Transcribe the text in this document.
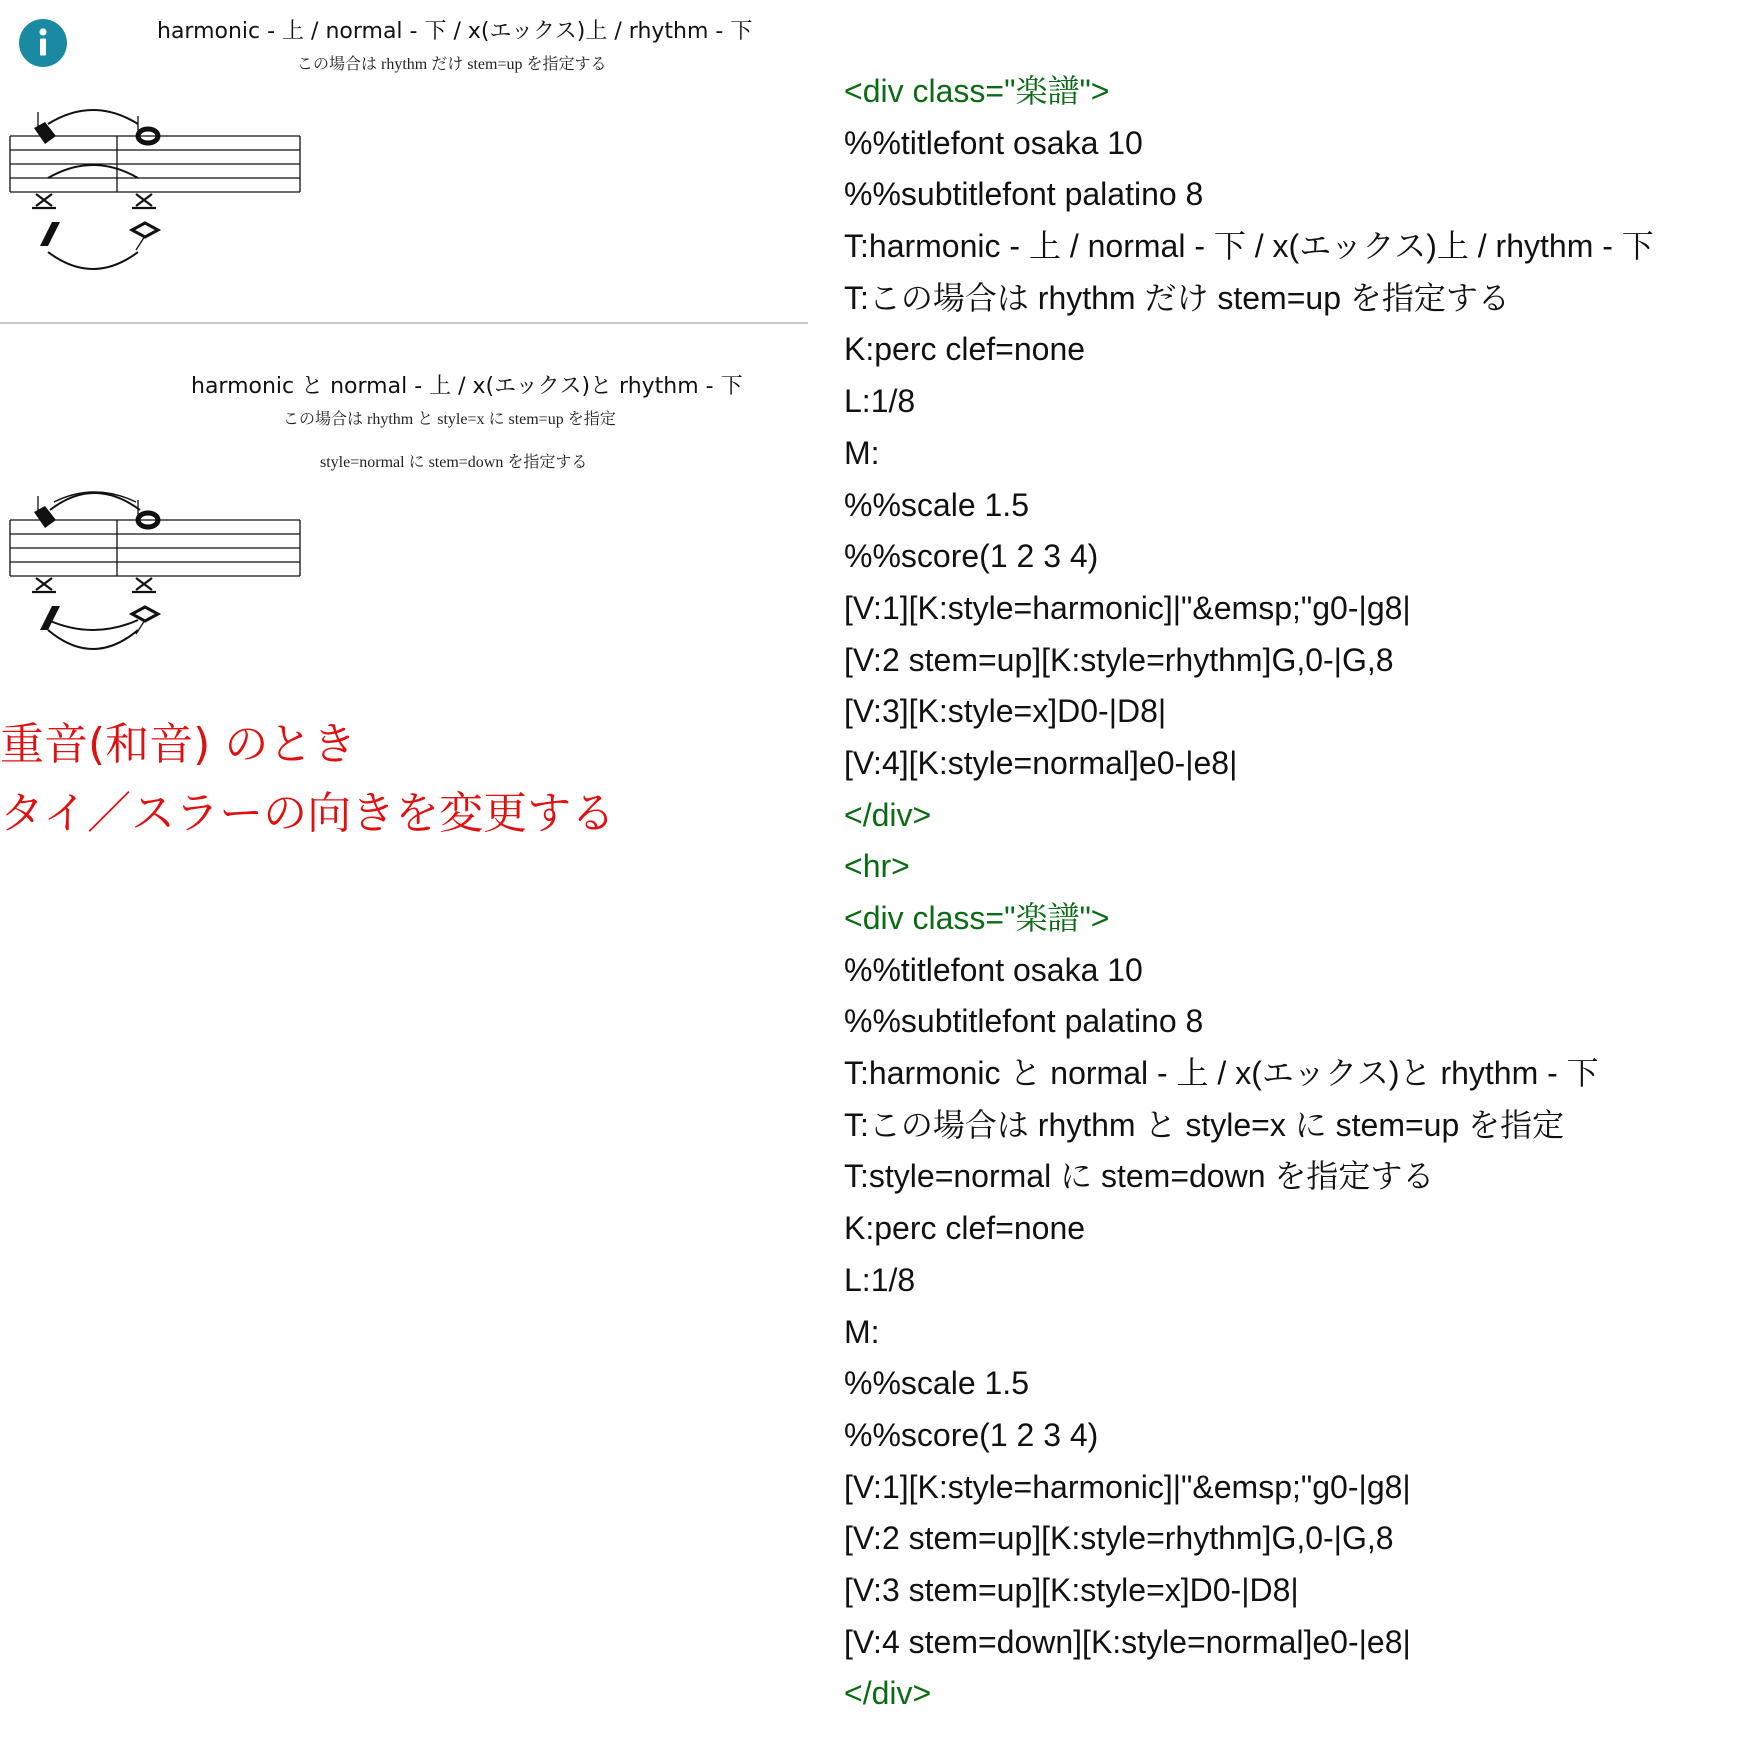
harmonic - 上 / normal - 下 / x(エックス)上 / rhythm - 下
この場合は rhythm だけ stem=up を指定する
harmonic と normal - 上 / x(エックス)と rhythm - 下
この場合は rhythm と style=x に stem=up を指定
style=normal に stem=down を指定する
重音(和音) のとき
タイ／スラーの向きを変更する
<div class="楽譜">
%%titlefont osaka 10
%%subtitlefont palatino 8
T:harmonic - 上 / normal - 下 / x(エックス)上 / rhythm - 下
T:この場合は rhythm だけ stem=up を指定する
K:perc clef=none
L:1/8
M:
%%scale 1.5
%%score(1 2 3 4)
[V:1][K:style=harmonic]|"&emsp;"g0-|g8|
[V:2 stem=up][K:style=rhythm]G,0-|G,8
[V:3][K:style=x]D0-|D8|
[V:4][K:style=normal]e0-|e8|
</div>
<hr>
<div class="楽譜">
%%titlefont osaka 10
%%subtitlefont palatino 8
T:harmonic と normal - 上 / x(エックス)と rhythm - 下
T:この場合は rhythm と style=x に stem=up を指定
T:style=normal に stem=down を指定する
K:perc clef=none
L:1/8
M:
%%scale 1.5
%%score(1 2 3 4)
[V:1][K:style=harmonic]|"&emsp;"g0-|g8|
[V:2 stem=up][K:style=rhythm]G,0-|G,8
[V:3 stem=up][K:style=x]D0-|D8|
[V:4 stem=down][K:style=normal]e0-|e8|
</div>
